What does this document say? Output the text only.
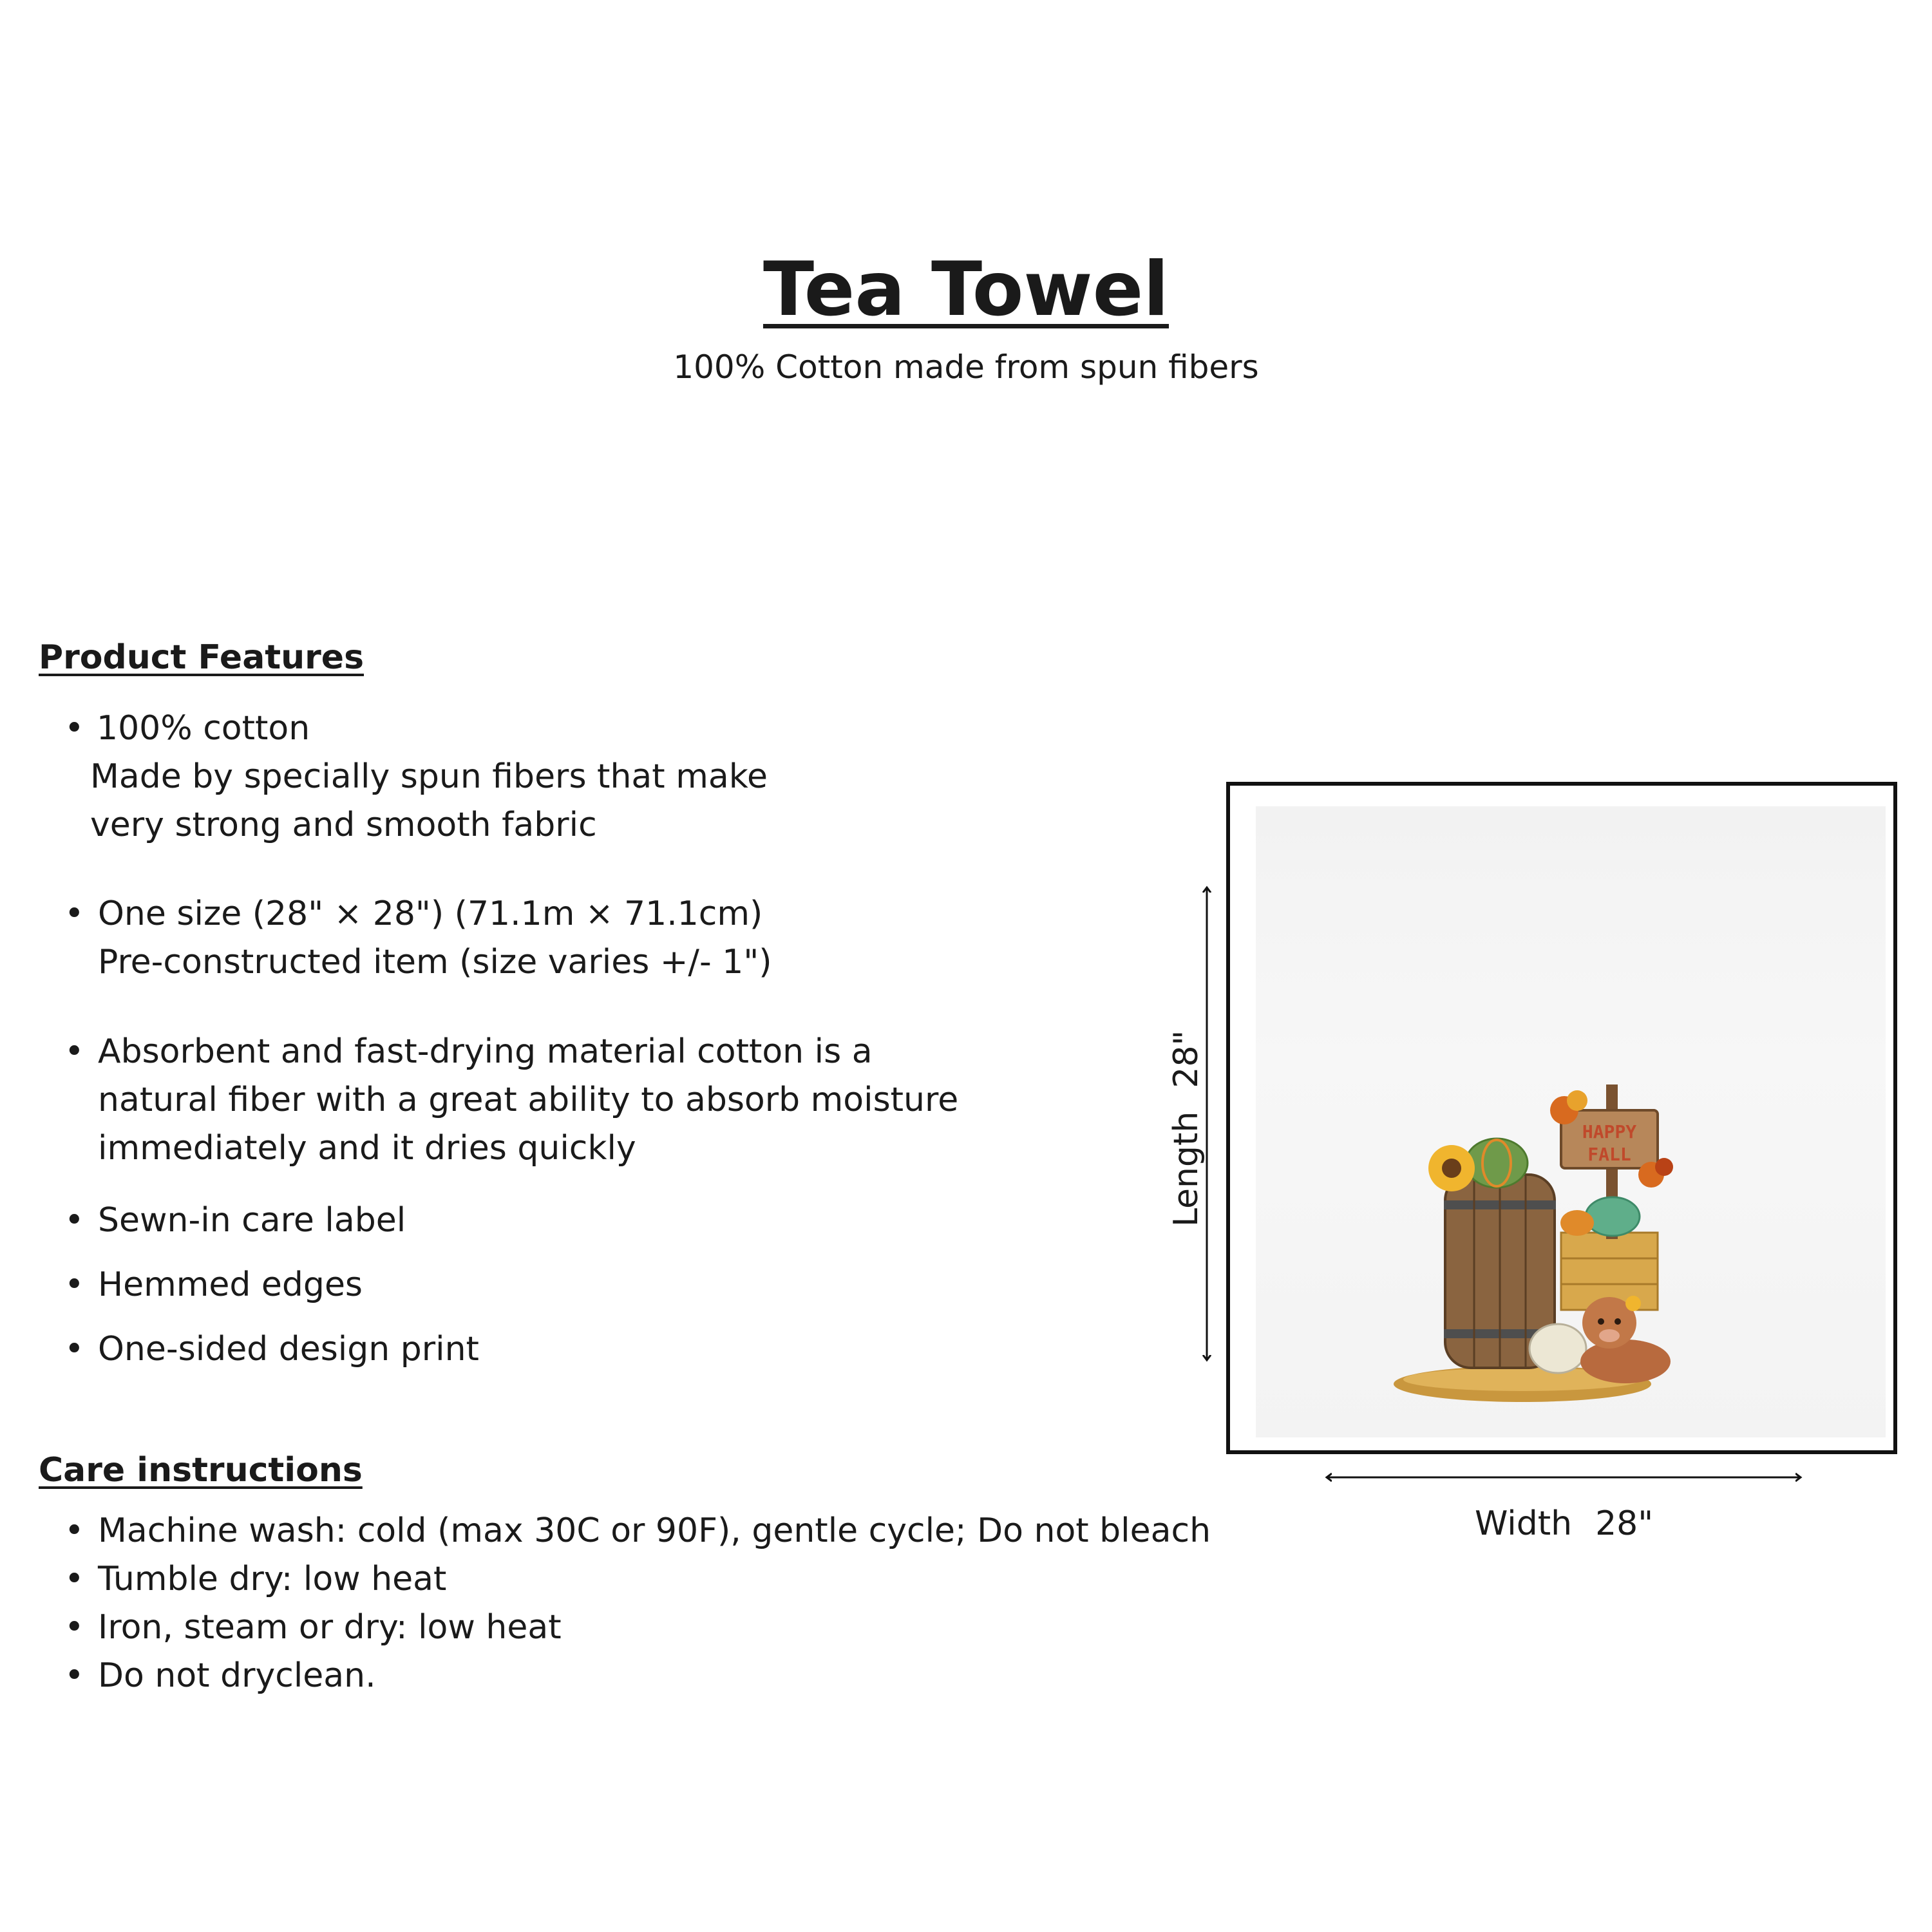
Tea Towel
100% Cotton made from spun fibers
Product Features
• 100% cotton
Made by specially spun fibers that make
very strong and smooth fabric
• One size (28" × 28") (71.1m × 71.1cm)
Pre-constructed item (size varies +/- 1")
• Absorbent and fast-drying material cotton is a
natural fiber with a great ability to absorb moisture
immediately and it dries quickly
• Sewn-in care label
• Hemmed edges
• One-sided design print
Care instructions
• Machine wash: cold (max 30C or 90F), gentle cycle; Do not bleach
• Tumble dry: low heat
• Iron, steam or dry: low heat
• Do not dryclean.
HAPPY
FALL
Length28"
Width 28"
